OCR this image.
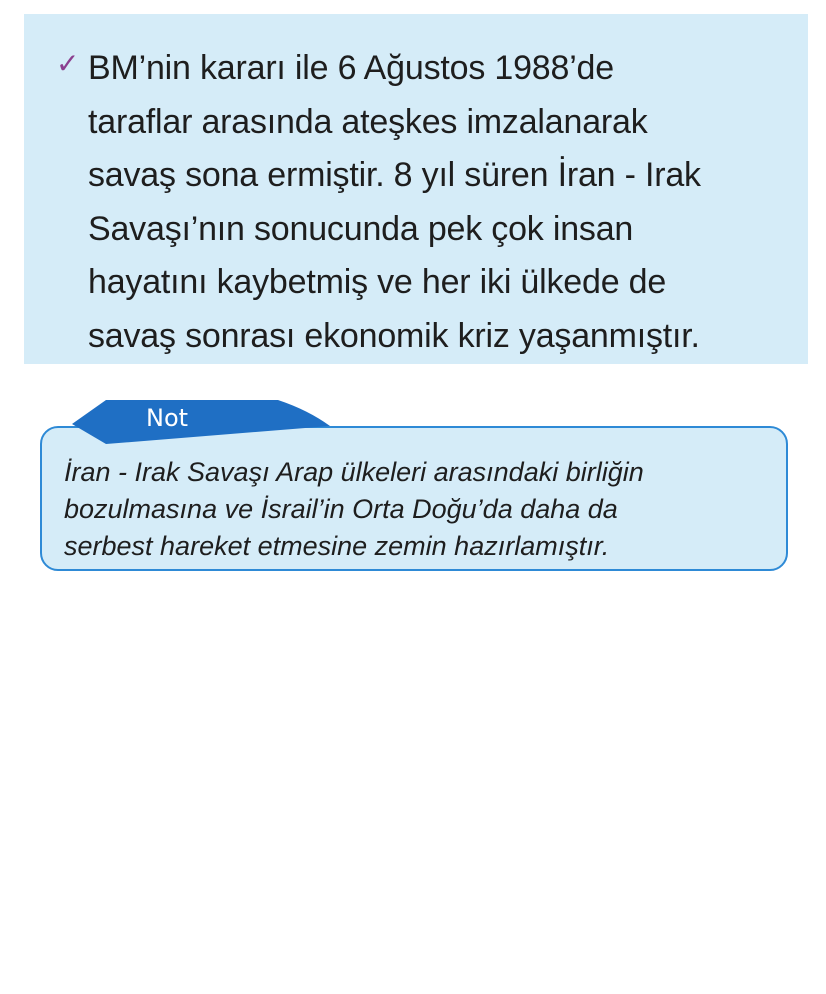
✓ BM’nin kararı ile 6 Ağustos 1988’de
taraflar arasında ateşkes imzalanarak
savaş sona ermiştir. 8 yıl süren İran - Irak
Savaşı’nın sonucunda pek çok insan
hayatını kaybetmiş ve her iki ülkede de
savaş sonrası ekonomik kriz yaşanmıştır.

Not

İran - Irak Savaşı Arap ülkeleri arasındaki birliğin
bozulmasına ve İsrail’in Orta Doğu’da daha da
serbest hareket etmesine zemin hazırlamıştır.
